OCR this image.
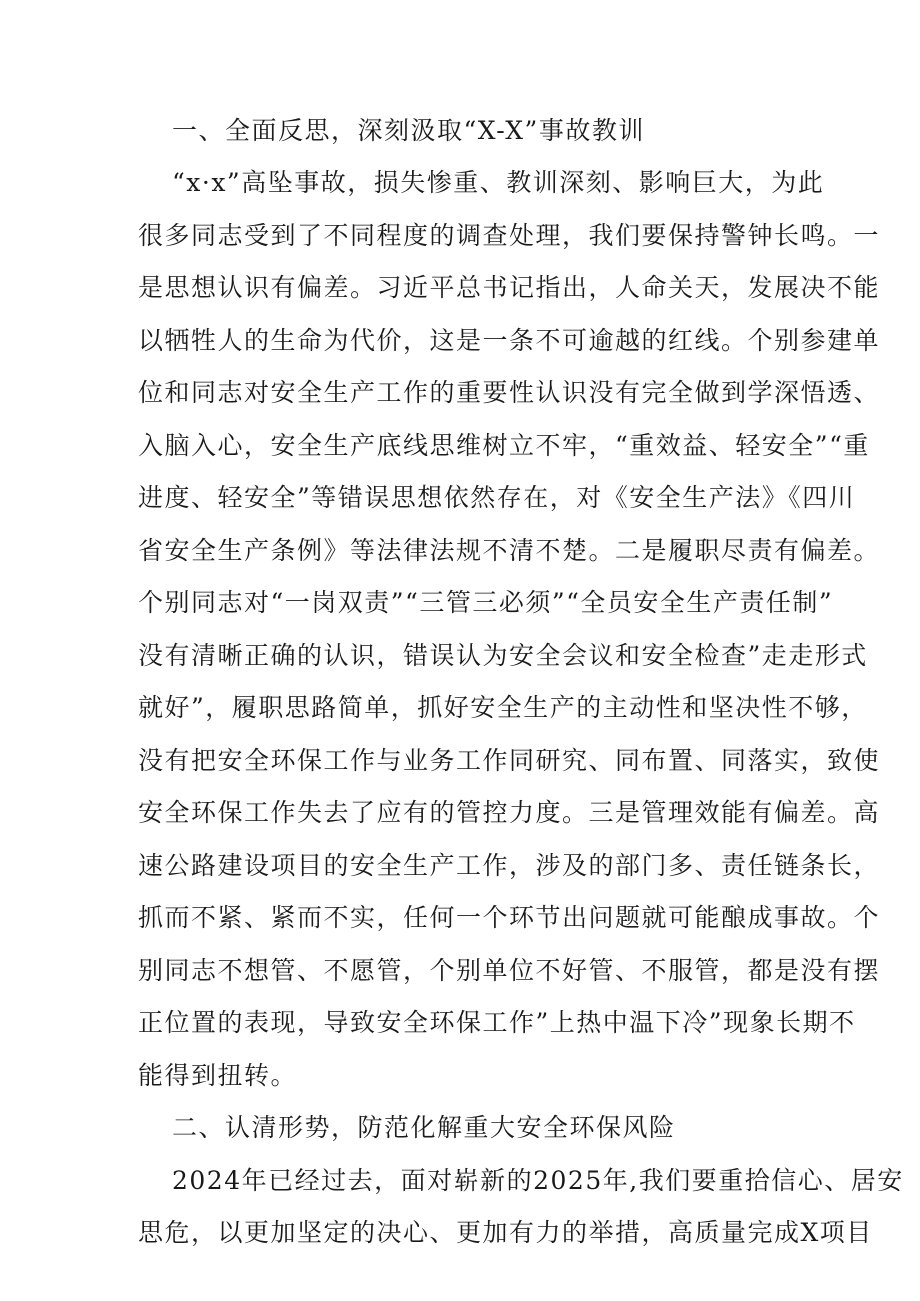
一、全面反思，深刻汲取“X-X”事故教训
“x·x”高坠事故，损失惨重、教训深刻、影响巨大，为此
很多同志受到了不同程度的调查处理，我们要保持警钟长鸣。一
是思想认识有偏差。习近平总书记指出，人命关天，发展决不能
以牺牲人的生命为代价，这是一条不可逾越的红线。个别参建单
位和同志对安全生产工作的重要性认识没有完全做到学深悟透、
入脑入心，安全生产底线思维树立不牢，“重效益、轻安全”“重
进度、轻安全”等错误思想依然存在，对《安全生产法》《四川
省安全生产条例》等法律法规不清不楚。二是履职尽责有偏差。
个别同志对“一岗双责”“三管三必须”“全员安全生产责任制”
没有清晰正确的认识，错误认为安全会议和安全检查”走走形式
就好”，履职思路简单，抓好安全生产的主动性和坚决性不够，
没有把安全环保工作与业务工作同研究、同布置、同落实，致使
安全环保工作失去了应有的管控力度。三是管理效能有偏差。高
速公路建设项目的安全生产工作，涉及的部门多、责任链条长，
抓而不紧、紧而不实，任何一个环节出问题就可能酿成事故。个
别同志不想管、不愿管，个别单位不好管、不服管，都是没有摆
正位置的表现，导致安全环保工作”上热中温下冷”现象长期不
能得到扭转。
二、认清形势，防范化解重大安全环保风险
2024年已经过去，面对崭新的2025年,我们要重拾信心、居安
思危，以更加坚定的决心、更加有力的举措，高质量完成X项目
